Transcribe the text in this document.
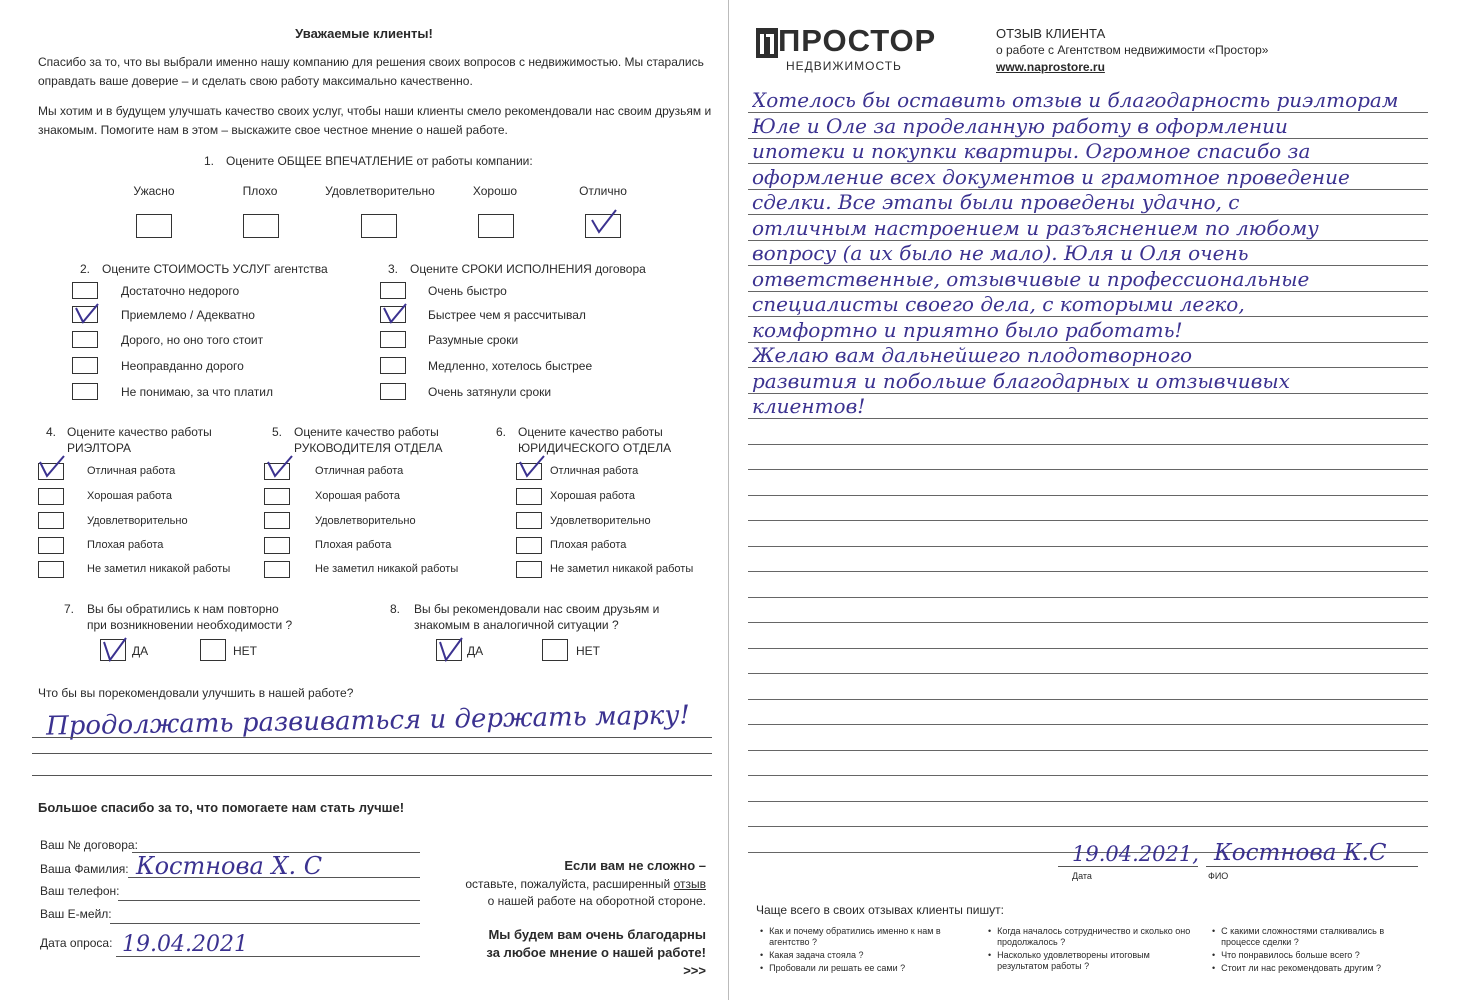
Уважаемые клиенты!
Спасибо за то, что вы выбрали именно нашу компанию для решения своих вопросов с недвижимостью. Мы старались
оправдать ваше доверие – и сделать свою работу максимально качественно.
Мы хотим и в будущем улучшать качество своих услуг, чтобы наши клиенты смело рекомендовали нас своим друзьям и
знакомым. Помогите нам в этом – выскажите свое честное мнение о нашей работе.
1. Оцените ОБЩЕЕ ВПЕЧАТЛЕНИЕ от работы компании:
Ужасно	Плохо	Удовлетворительно	Хорошо	Отлично
2. Оцените СТОИМОСТЬ УСЛУГ агентства
Достаточно недорого
Приемлемо / Адекватно
Дорого, но оно того стоит
Неоправданно дорого
Не понимаю, за что платил
3. Оцените СРОКИ ИСПОЛНЕНИЯ договора
Очень быстро
Быстрее чем я рассчитывал
Разумные сроки
Медленно, хотелось быстрее
Очень затянули сроки
4. Оцените качество работы
РИЭЛТОРА
Отличная работа
Хорошая работа
Удовлетворительно
Плохая работа
Не заметил никакой работы
5. Оцените качество работы
РУКОВОДИТЕЛЯ ОТДЕЛА
Отличная работа
Хорошая работа
Удовлетворительно
Плохая работа
Не заметил никакой работы
6. Оцените качество работы
ЮРИДИЧЕСКОГО ОТДЕЛА
Отличная работа
Хорошая работа
Удовлетворительно
Плохая работа
Не заметил никакой работы
7. Вы бы обратились к нам повторно
при возникновении необходимости ?
ДА	НЕТ
8. Вы бы рекомендовали нас своим друзьям и
знакомым в аналогичной ситуации ?
ДА	НЕТ
Что бы вы порекомендовали улучшить в нашей работе?
Продолжать развиваться и держать марку!
Большое спасибо за то, что помогаете нам стать лучше!
Ваш № договора:
Ваша Фамилия: Костнова Х. С
Ваш телефон:
Ваш Е-мейл:
Дата опроса: 19.04.2021
Если вам не сложно –
оставьте, пожалуйста, расширенный отзыв
о нашей работе на оборотной стороне.
Мы будем вам очень благодарны
за любое мнение о нашей работе!
>>>
ПРОСТОР
НЕДВИЖИМОСТЬ
ОТЗЫВ КЛИЕНТА
о работе с Агентством недвижимости «Простор»
www.naprostore.ru
Хотелось бы оставить отзыв и благодарность риэлторам
Юле и Оле за проделанную работу в оформлении
ипотеки и покупки квартиры. Огромное спасибо за
оформление всех документов и грамотное проведение
сделки. Все этапы были проведены удачно, с
отличным настроением и разъяснением по любому
вопросу (а их было не мало). Юля и Оля очень
ответственные, отзывчивые и профессиональные
специалисты своего дела, с которыми легко,
комфортно и приятно было работать!
Желаю вам дальнейшего плодотворного
развития и побольше благодарных и отзывчивых
клиентов!
19.04.2021, Костнова К.С
Дата	ФИО
Чаще всего в своих отзывах клиенты пишут:
• Как и почему обратились именно к нам в агентство ?
• Какая задача стояла ?
• Пробовали ли решать ее сами ?
• Когда началось сотрудничество и сколько оно продолжалось ?
• Насколько удовлетворены итоговым результатом работы ?
• С какими сложностями сталкивались в процессе сделки ?
• Что понравилось больше всего ?
• Стоит ли нас рекомендовать другим ?
